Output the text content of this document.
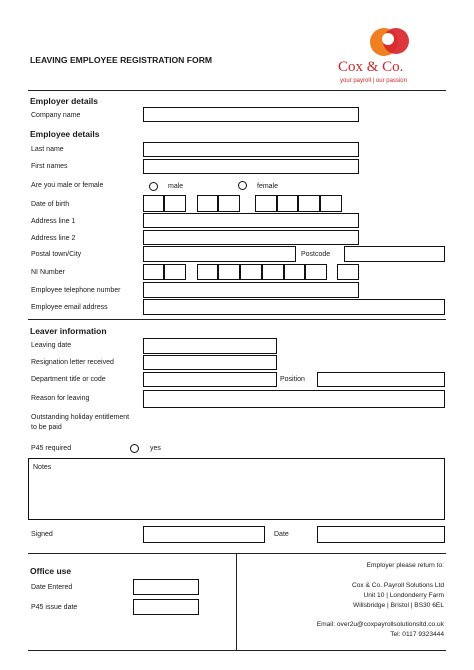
LEAVING EMPLOYEE REGISTRATION FORM	Cox & Co.
your payroll | our passion
Employer details
Company name
Employee details
Last name
First names
Are you male or female	male	female
Date of birth
Address line 1
Address line 2
Postal town/City	Postcode
NI Number
Employee telephone number
Employee email address
Leaver information
Leaving date
Resignation letter received
Department title or code	Position
Reason for leaving
Outstanding holiday entitlement
to be paid
P45 required	yes
Notes
Signed	Date
Office use
Date Entered
P45 issue date
Employer please return to:
Cox & Co. Payroll Solutions Ltd
Unit 10 | Londonderry Farm
Willsbridge | Bristol | BS30 6EL
Email: over2u@coxpayrollsolutionsltd.co.uk
Tel: 0117 9323444
